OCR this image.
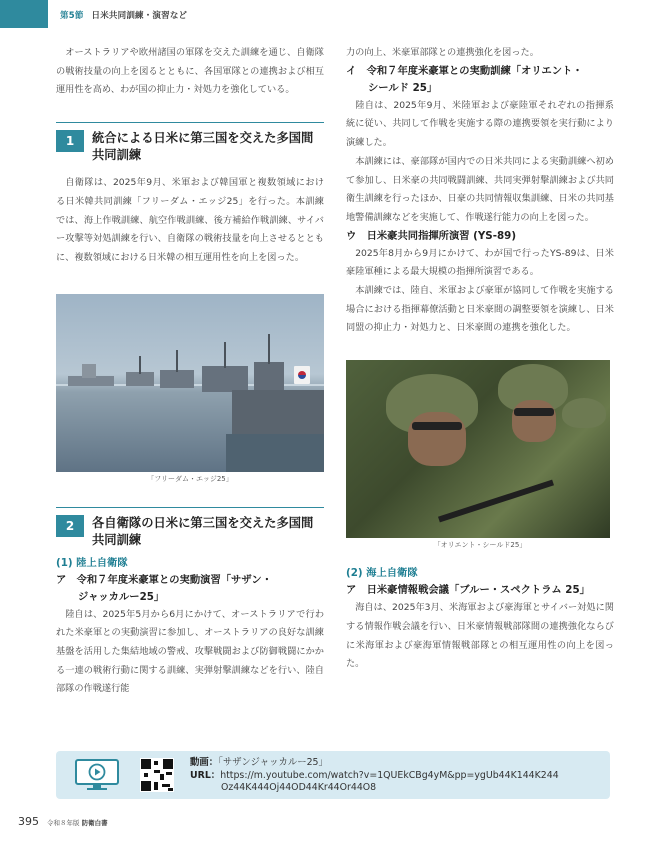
第5節 日米共同訓練・演習など

オーストラリアや欧州諸国の軍隊を交えた訓練を通じ、自衛隊の戦術技量の向上を図るとともに、各国軍隊との連携および相互運用性を高め、わが国の抑止力・対処力を強化している。

1	統合による日米に第三国を交えた多国間共同訓練

自衛隊は、2025年9月、米軍および韓国軍と複数領域における日米韓共同訓練「フリーダム・エッジ25」を行った。本訓練では、海上作戦訓練、航空作戦訓練、後方補給作戦訓練、サイバー攻撃等対処訓練を行い、自衛隊の戦術技量を向上させるとともに、複数領域における日米韓の相互運用性を向上を図った。

「フリーダム・エッジ25」
2	各自衛隊の日米に第三国を交えた多国間共同訓練
(1) 陸上自衛隊
ア　令和７年度米豪軍との実動演習「サザン・
ジャッカルー25」

陸自は、2025年5月から6月にかけて、オーストラリアで行われた米豪軍との実動演習に参加し、オーストラリアの良好な訓練基盤を活用した集結地域の警戒、攻撃戦闘および防御戦闘にかかる一連の戦術行動に関する訓練、実弾射撃訓練などを行い、陸自部隊の作戦遂行能

力の向上、米豪軍部隊との連携強化を図った。

イ　令和７年度米豪軍との実動訓練「オリエント・
シールド 25」

陸自は、2025年9月、米陸軍および豪陸軍それぞれの指揮系統に従い、共同して作戦を実施する際の連携要領を実行動により演練した。

本訓練には、豪部隊が国内での日米共同による実動訓練へ初めて参加し、日米豪の共同戦闘訓練、共同実弾射撃訓練および共同衛生訓練を行ったほか、日豪の共同情報収集訓練、日米の共同基地警備訓練などを実施して、作戦遂行能力の向上を図った。

ウ　日米豪共同指揮所演習 (YS-89)

2025年8月から9月にかけて、わが国で行ったYS-89は、日米豪陸軍種による最大規模の指揮所演習である。

本訓練では、陸自、米軍および豪軍が協同して作戦を実施する場合における指揮幕僚活動と日米豪間の調整要領を演練し、日米同盟の抑止力・対処力と、日米豪間の連携を強化した。

「オリエント・シールド25」
(2) 海上自衛隊
ア　日米豪情報戦会議「ブルー・スペクトラム 25」

海自は、2025年3月、米海軍および豪海軍とサイバー対処に関する情報作戦会議を行い、日米豪情報戦部隊間の連携強化ならびに米海軍および豪海軍情報戦部隊との相互運用性の向上を図った。

動画：「サザンジャッカルー25」
URL：https://m.youtube.com/watch?v=1QUEkCBg4yM&pp=ygUb44K144K244
Oz44K444Oj44OD44Kr44Or44O8
395 令和８年版 防衛白書
